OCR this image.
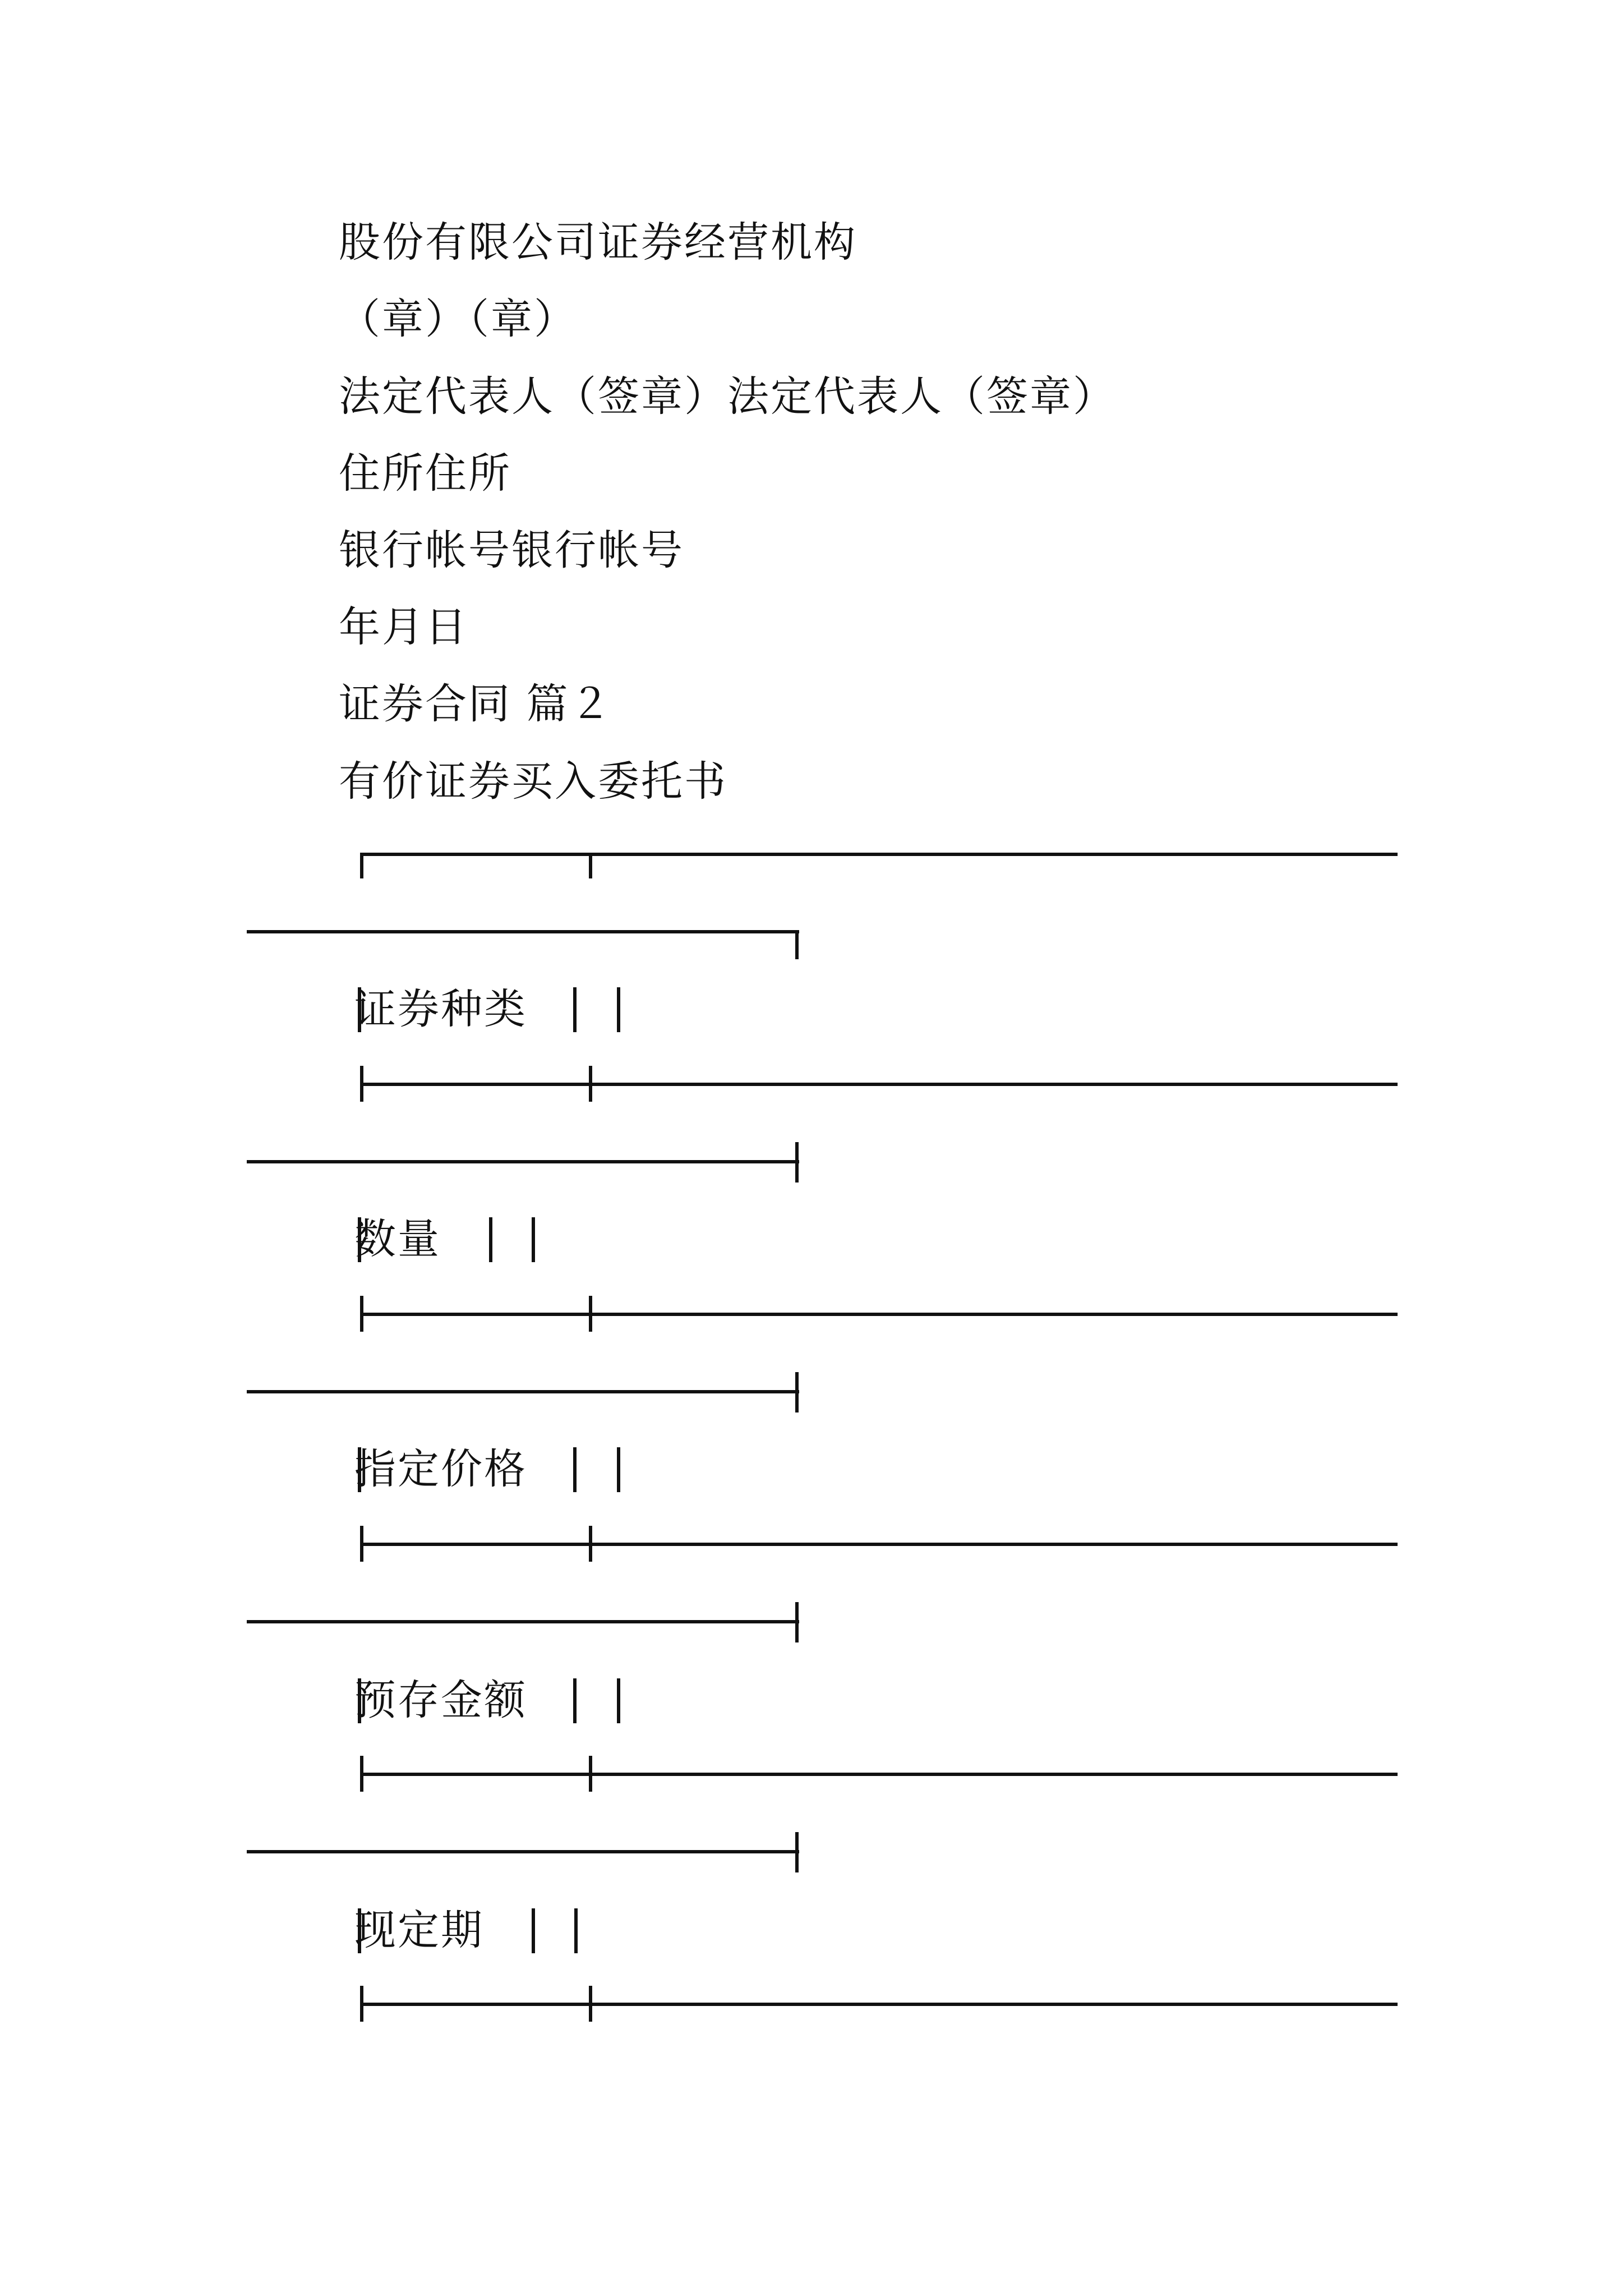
股份有限公司证券经营机构
（章）（章）
法定代表人（签章）法定代表人（签章）
住所住所
银行帐号银行帐号
年月日
证券合同 篇２
有价证券买入委托书
证券种类
数量
指定价格
预存金额
现定期
